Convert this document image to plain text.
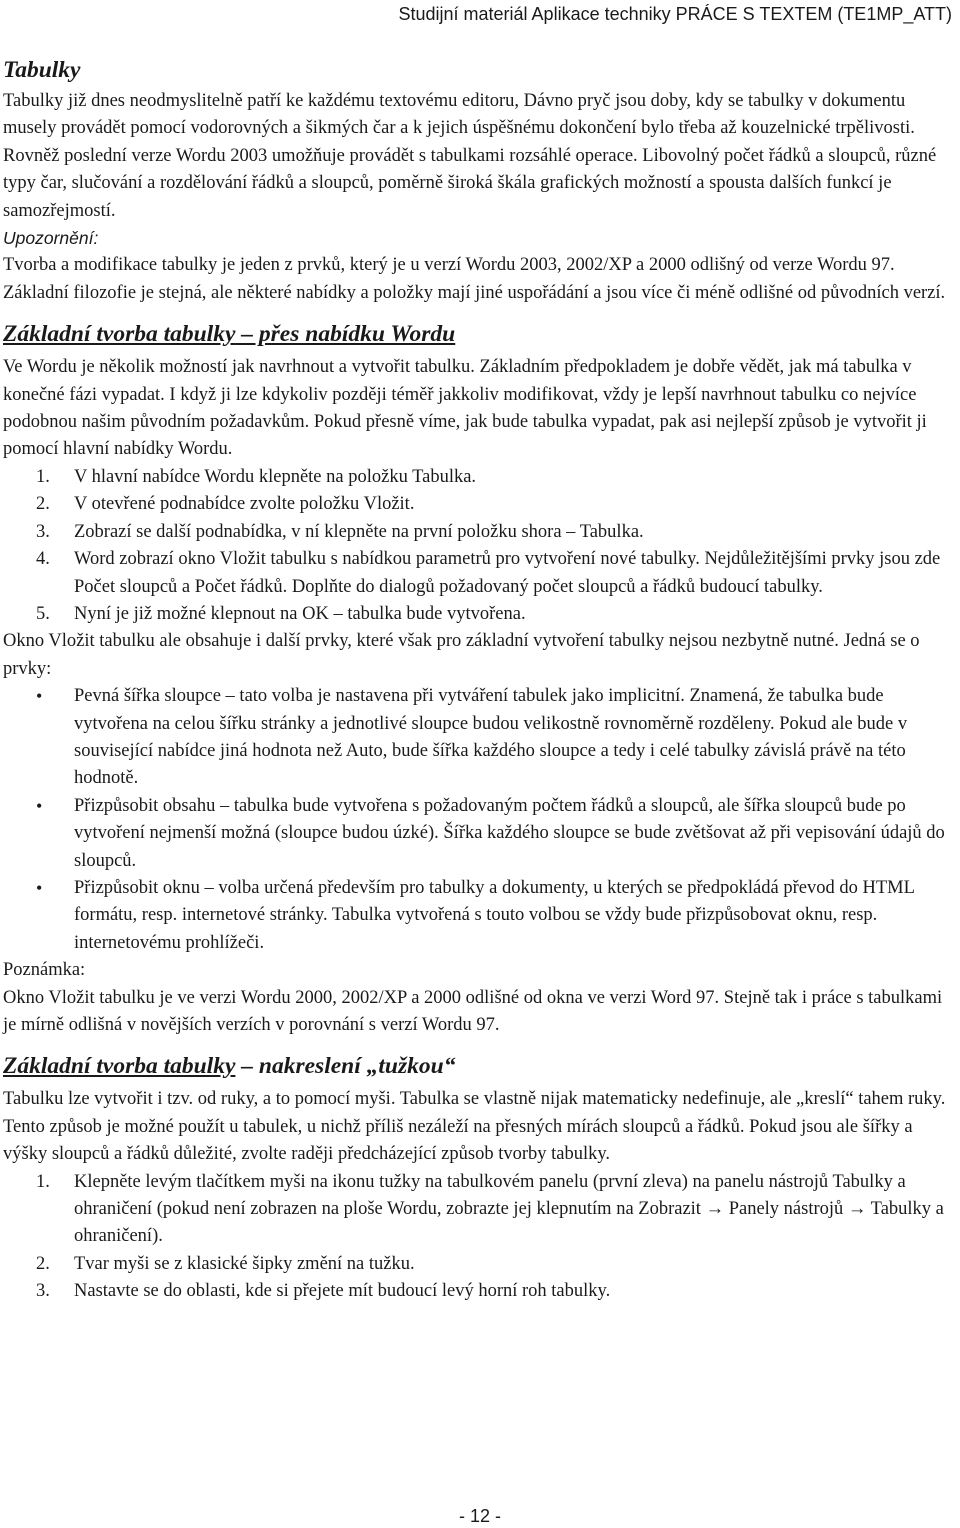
Studijní materiál Aplikace techniky PRÁCE S TEXTEM (TE1MP_ATT)
Tabulky

Tabulky již dnes neodmyslitelně patří ke každému textovému editoru, Dávno pryč jsou doby, kdy se tabulky v dokumentu musely provádět pomocí vodorovných a šikmých čar a k jejich úspěšnému dokončení bylo třeba až kouzelnické trpělivosti.

Rovněž poslední verze Wordu 2003 umožňuje provádět s tabulkami rozsáhlé operace. Libovolný počet řádků a sloupců, různé typy čar, slučování a rozdělování řádků a sloupců, poměrně široká škála grafických možností a spousta dalších funkcí je samozřejmostí.

Upozornění:

Tvorba a modifikace tabulky je jeden z prvků, který je u verzí Wordu 2003, 2002/XP a 2000 odlišný od verze Wordu 97. Základní filozofie je stejná, ale některé nabídky a položky mají jiné uspořádání a jsou více či méně odlišné od původních verzí.

Základní tvorba tabulky – přes nabídku Wordu

Ve Wordu je několik možností jak navrhnout a vytvořit tabulku. Základním předpokladem je dobře vědět, jak má tabulka v konečné fázi vypadat. I když ji lze kdykoliv později téměř jakkoliv modifikovat, vždy je lepší navrhnout tabulku co nejvíce podobnou našim původním požadavkům. Pokud přesně víme, jak bude tabulka vypadat, pak asi nejlepší způsob je vytvořit ji pomocí hlavní nabídky Wordu.

1. V hlavní nabídce Wordu klepněte na položku Tabulka.
2. V otevřené podnabídce zvolte položku Vložit.
3. Zobrazí se další podnabídka, v ní klepněte na první položku shora – Tabulka.
4. Word zobrazí okno Vložit tabulku s nabídkou parametrů pro vytvoření nové tabulky. Nejdůležitějšími prvky jsou zde Počet sloupců a Počet řádků. Doplňte do dialogů požadovaný počet sloupců a řádků budoucí tabulky.
5. Nyní je již možné klepnout na OK – tabulka bude vytvořena.

Okno Vložit tabulku ale obsahuje i další prvky, které však pro základní vytvoření tabulky nejsou nezbytně nutné. Jedná se o prvky:

• Pevná šířka sloupce – tato volba je nastavena při vytváření tabulek jako implicitní. Znamená, že tabulka bude vytvořena na celou šířku stránky a jednotlivé sloupce budou velikostně rovnoměrně rozděleny. Pokud ale bude v související nabídce jiná hodnota než Auto, bude šířka každého sloupce a tedy i celé tabulky závislá právě na této hodnotě.
• Přizpůsobit obsahu – tabulka bude vytvořena s požadovaným počtem řádků a sloupců, ale šířka sloupců bude po vytvoření nejmenší možná (sloupce budou úzké). Šířka každého sloupce se bude zvětšovat až při vepisování údajů do sloupců.
• Přizpůsobit oknu – volba určená především pro tabulky a dokumenty, u kterých se předpokládá převod do HTML formátu, resp. internetové stránky. Tabulka vytvořená s touto volbou se vždy bude přizpůsobovat oknu, resp. internetovému prohlížeči.

Poznámka:

Okno Vložit tabulku je ve verzi Wordu 2000, 2002/XP a 2000 odlišné od okna ve verzi Word 97. Stejně tak i práce s tabulkami je mírně odlišná v novějších verzích v porovnání s verzí Wordu 97.

Základní tvorba tabulky – nakreslení „tužkou“

Tabulku lze vytvořit i tzv. od ruky, a to pomocí myši. Tabulka se vlastně nijak matematicky nedefinuje, ale „kreslí“ tahem ruky. Tento způsob je možné použít u tabulek, u nichž příliš nezáleží na přesných mírách sloupců a řádků. Pokud jsou ale šířky a výšky sloupců a řádků důležité, zvolte raději předcházející způsob tvorby tabulky.

1. Klepněte levým tlačítkem myši na ikonu tužky na tabulkovém panelu (první zleva) na panelu nástrojů Tabulky a ohraničení (pokud není zobrazen na ploše Wordu, zobrazte jej klepnutím na Zobrazit → Panely nástrojů → Tabulky a ohraničení).
2. Tvar myši se z klasické šipky změní na tužku.
3. Nastavte se do oblasti, kde si přejete mít budoucí levý horní roh tabulky.
- 12 -
